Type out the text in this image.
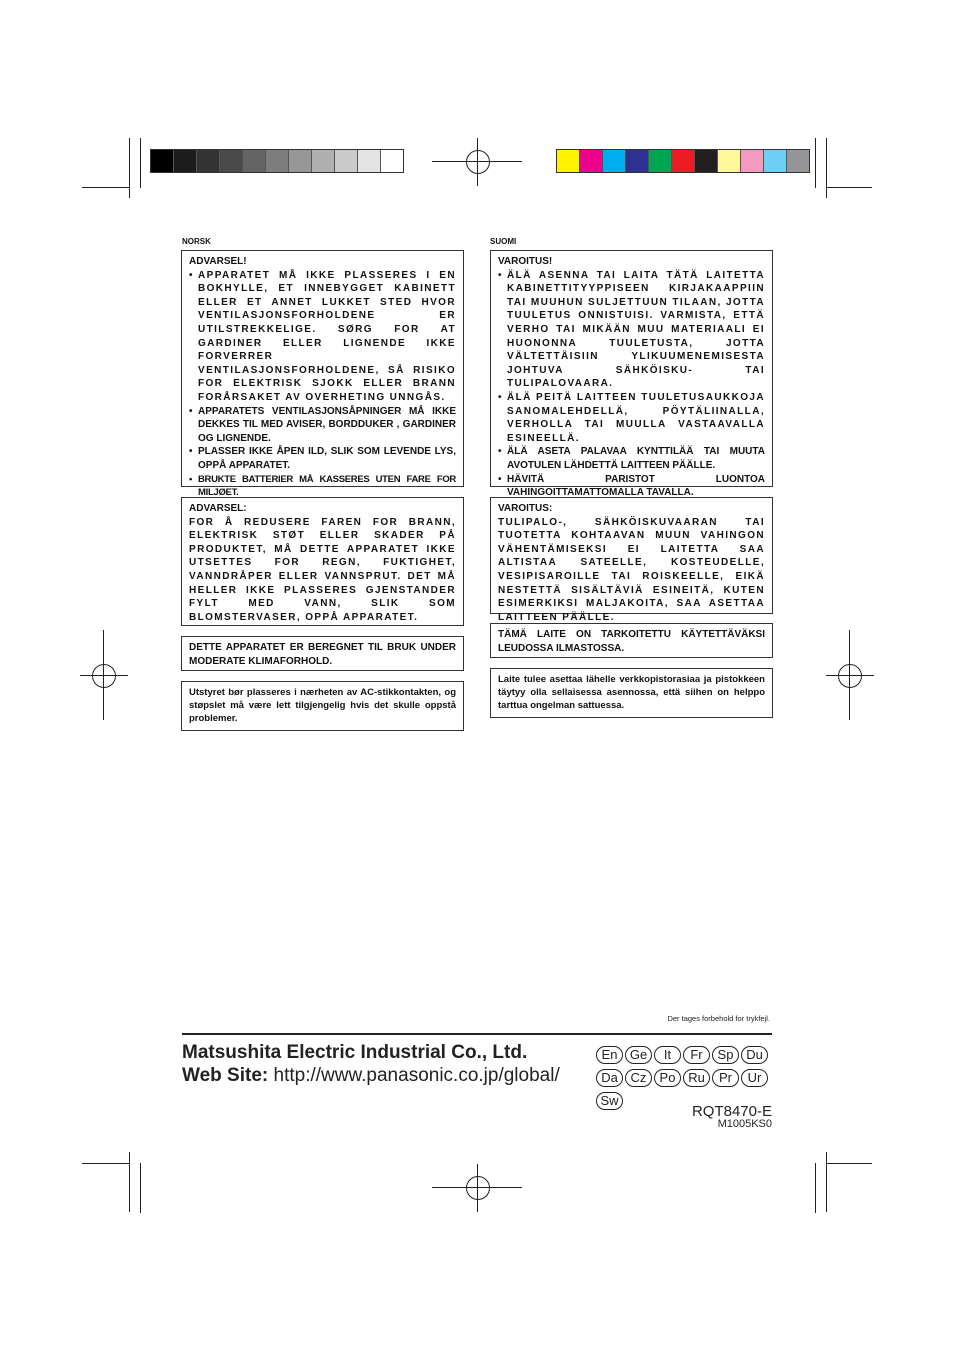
NORSK
ADVARSEL!
• APPARATET MÅ IKKE PLASSERES I EN BOKHYLLE, ET INNEBYGGET KABINETT ELLER ET ANNET LUKKET STED HVOR VENTILASJONSFORHOLDENE ER UTILSTREKKELIGE. SØRG FOR AT GARDINER ELLER LIGNENDE IKKE FORVERRER VENTILASJONSFORHOLDENE, SÅ RISIKO FOR ELEKTRISK SJOKK ELLER BRANN FORÅRSAKET AV OVERHETING UNNGÅS.
• APPARATETS VENTILASJONSÅPNINGER MÅ IKKE DEKKES TIL MED AVISER, BORDDUKER , GARDINER OG LIGNENDE.
• PLASSER IKKE ÅPEN ILD, SLIK SOM LEVENDE LYS, OPPÅ APPARATET.
• BRUKTE BATTERIER MÅ KASSERES UTEN FARE FOR MILJØET.
ADVARSEL:
FOR Å REDUSERE FAREN FOR BRANN, ELEKTRISK STØT ELLER SKADER PÅ PRODUKTET, MÅ DETTE APPARATET IKKE UTSETTES FOR REGN, FUKTIGHET, VANNDRÅPER ELLER VANNSPRUT. DET MÅ HELLER IKKE PLASSERES GJENSTANDER FYLT MED VANN, SLIK SOM BLOMSTERVASER, OPPÅ APPARATET.
DETTE APPARATET ER BEREGNET TIL BRUK UNDER MODERATE KLIMAFORHOLD.
Utstyret bør plasseres i nærheten av AC-stikkontakten, og støpslet må være lett tilgjengelig hvis det skulle oppstå problemer.
SUOMI
VAROITUS!
• ÄLÄ ASENNA TAI LAITA TÄTÄ LAITETTA KABINETTITYYPPISEEN KIRJAKAAPPIIN TAI MUUHUN SULJETTUUN TILAAN, JOTTA TUULETUS ONNISTUISI. VARMISTA, ETTÄ VERHO TAI MIKÄÄN MUU MATERIAALI EI HUONONNA TUULETUSTA, JOTTA VÄLTETTÄISIIN YLIKUUMENEMISESTA JOHTUVA SÄHKÖISKU- TAI TULIPALOVAARA.
• ÄLÄ PEITÄ LAITTEEN TUULETUSAUKKOJA SANOMALEHDELLÄ, PÖYTÄLIINALLA, VERHOLLA TAI MUULLA VASTAAVALLA ESINEELLÄ.
• ÄLÄ ASETA PALAVAA KYNTTILÄÄ TAI MUUTA AVOTULEN LÄHDETTÄ LAITTEEN PÄÄLLE.
• HÄVITÄ PARISTOT LUONTOA VAHINGOITTAMATTOMALLA TAVALLA.
VAROITUS:
TULIPALO-, SÄHKÖISKUVAARAN TAI TUOTETTA KOHTAAVAN MUUN VAHINGON VÄHENTÄMISEKSI EI LAITETTA SAA ALTISTAA SATEELLE, KOSTEUDELLE, VESIPISAROILLE TAI ROISKEELLE, EIKÄ NESTETTÄ SISÄLTÄVIÄ ESINEITÄ, KUTEN ESIMERKIKSI MALJAKOITA, SAA ASETTAA LAITTEEN PÄÄLLE.
TÄMÄ LAITE ON TARKOITETTU KÄYTETTÄVÄKSI LEUDOSSA ILMASTOSSA.
Laite tulee asettaa lähelle verkkopistorasiaa ja pistokkeen täytyy olla sellaisessa asennossa, että siihen on helppo tarttua ongelman sattuessa.
Der tages forbehold for trykfejl.
Matsushita Electric Industrial Co., Ltd.
Web Site: http://www.panasonic.co.jp/global/
En Ge It Fr Sp DuDa Cz Po Ru Pr UrSw
RQT8470-E
M1005KS0
